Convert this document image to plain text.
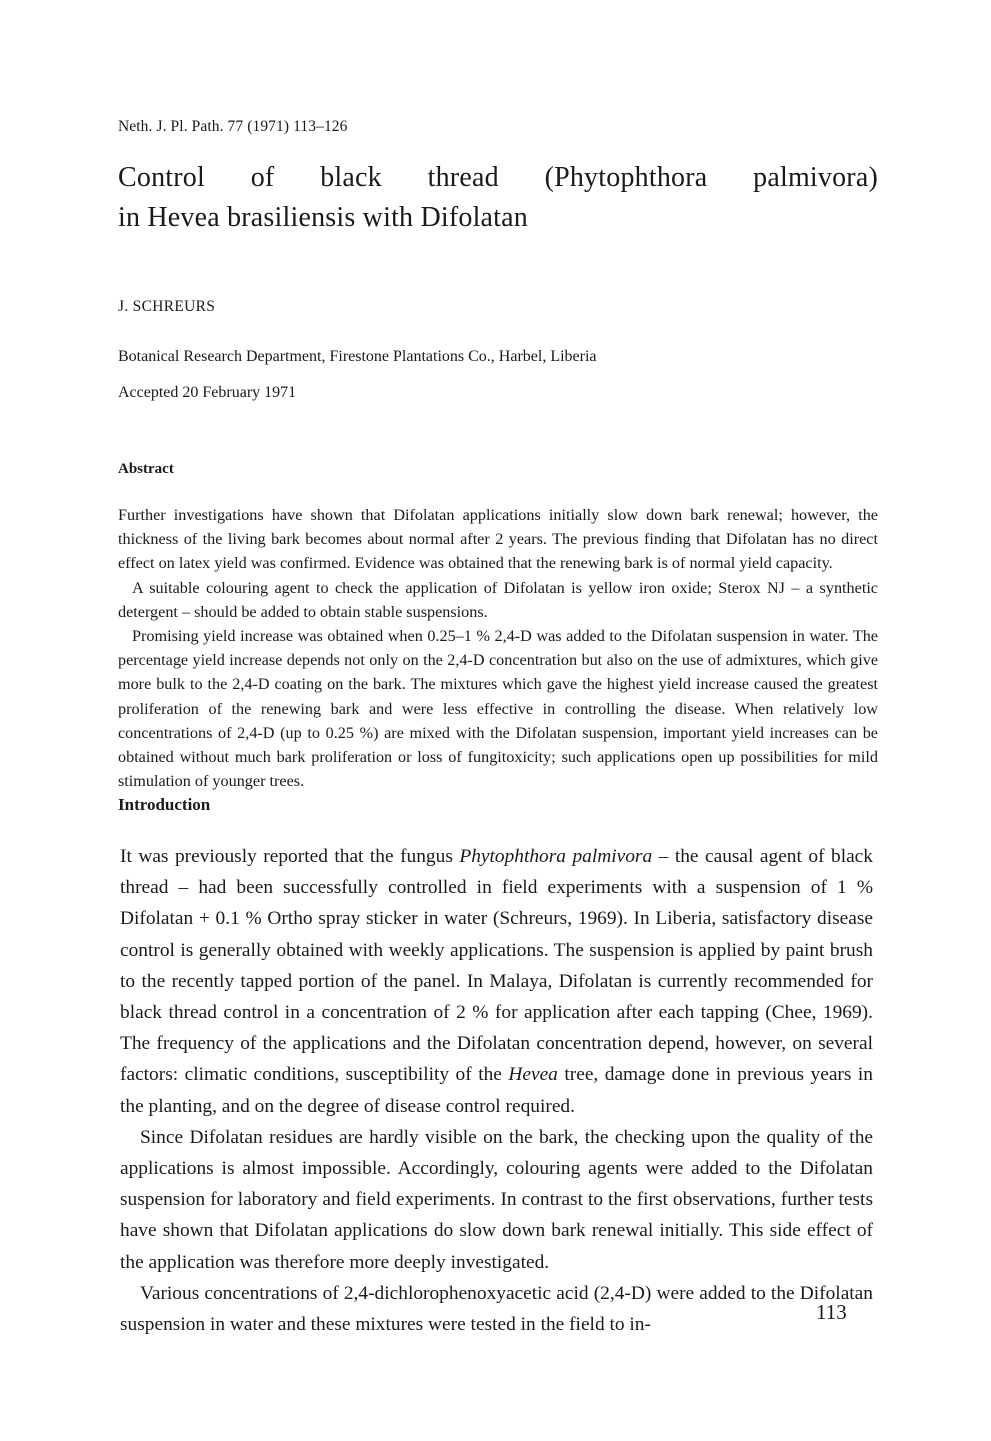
Neth. J. Pl. Path. 77 (1971) 113–126
Control of black thread (Phytophthora palmivora)
in Hevea brasiliensis with Difolatan
J. SCHREURS
Botanical Research Department, Firestone Plantations Co., Harbel, Liberia
Accepted 20 February 1971
Abstract

Further investigations have shown that Difolatan applications initially slow down bark renewal; however, the thickness of the living bark becomes about normal after 2 years. The previous finding that Difolatan has no direct effect on latex yield was confirmed. Evidence was obtained that the renewing bark is of normal yield capacity.

A suitable colouring agent to check the application of Difolatan is yellow iron oxide; Sterox NJ – a synthetic detergent – should be added to obtain stable suspensions.

Promising yield increase was obtained when 0.25–1 % 2,4-D was added to the Difolatan suspension in water. The percentage yield increase depends not only on the 2,4-D concentration but also on the use of admixtures, which give more bulk to the 2,4-D coating on the bark. The mixtures which gave the highest yield increase caused the greatest proliferation of the renewing bark and were less effective in controlling the disease. When relatively low concentrations of 2,4-D (up to 0.25 %) are mixed with the Difolatan suspension, important yield increases can be obtained without much bark proliferation or loss of fungitoxicity; such applications open up possibilities for mild stimulation of younger trees.

Introduction

It was previously reported that the fungus Phytophthora palmivora – the causal agent of black thread – had been successfully controlled in field experiments with a suspension of 1 % Difolatan + 0.1 % Ortho spray sticker in water (Schreurs, 1969). In Liberia, satisfactory disease control is generally obtained with weekly applications. The suspension is applied by paint brush to the recently tapped portion of the panel. In Malaya, Difolatan is currently recommended for black thread control in a concentration of 2 % for application after each tapping (Chee, 1969). The frequency of the applications and the Difolatan concentration depend, however, on several factors: climatic conditions, susceptibility of the Hevea tree, damage done in previous years in the planting, and on the degree of disease control required.

Since Difolatan residues are hardly visible on the bark, the checking upon the quality of the applications is almost impossible. Accordingly, colouring agents were added to the Difolatan suspension for laboratory and field experiments. In contrast to the first observations, further tests have shown that Difolatan applications do slow down bark renewal initially. This side effect of the application was therefore more deeply investigated.

Various concentrations of 2,4-dichlorophenoxyacetic acid (2,4-D) were added to the Difolatan suspension in water and these mixtures were tested in the field to in-

113
